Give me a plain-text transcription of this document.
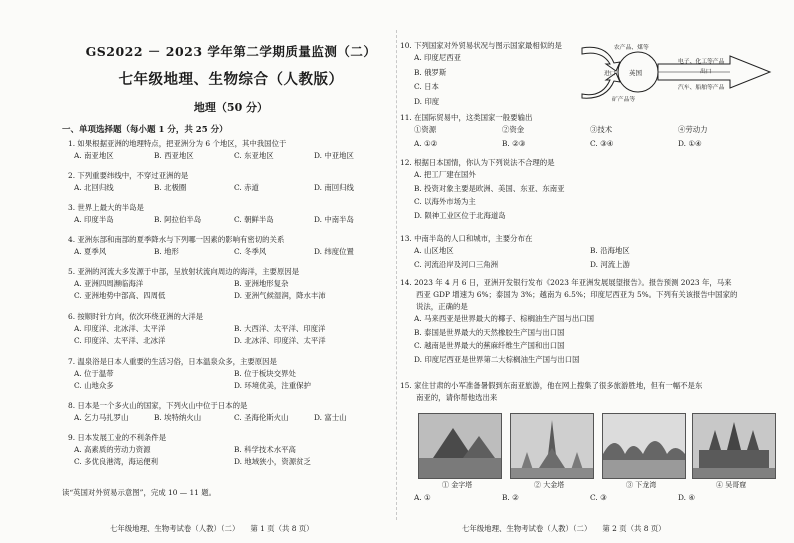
GS2022 － 2023 学年第二学期质量监测（二）
七年级地理、生物综合（人教版）
地理（50 分）
一、单项选择题（每小题 1 分，共 25 分）
1. 如果根据亚洲的地理特点，把亚洲分为 6 个地区，其中我国位于
A. 南亚地区	B. 西亚地区	C. 东亚地区	D. 中亚地区
2. 下列重要纬线中，不穿过亚洲的是
A. 北回归线	B. 北极圈	C. 赤道	D. 南回归线
3. 世界上最大的半岛是
A. 印度半岛	B. 阿拉伯半岛	C. 朝鲜半岛	D. 中南半岛
4. 亚洲东部和南部的夏季降水与下列哪一因素的影响有密切的关系
A. 夏季风	B. 地形	C. 冬季风	D. 纬度位置
5. 亚洲的河流大多发源于中部，呈放射状流向周边的海洋，主要原因是
A. 亚洲四周濒临海洋	B. 亚洲地形复杂
C. 亚洲地势中部高、四周低	D. 亚洲气候湿润，降水丰沛
6. 按顺时针方向，依次环绕亚洲的大洋是
A. 印度洋、北冰洋、太平洋	B. 大西洋、太平洋、印度洋
C. 印度洋、太平洋、北冰洋	D. 北冰洋、印度洋、太平洋
7. 温泉浴是日本人重要的生活习俗，日本温泉众多，主要原因是
A. 位于温带	B. 位于板块交界处
C. 山地众多	D. 环境优美，注重保护
8. 日本是一个多火山的国家，下列火山中位于日本的是
A. 乞力马扎罗山	B. 埃特纳火山	C. 圣海伦斯火山	D. 富士山
9. 日本发展工业的不利条件是
A. 高素质的劳动力资源	B. 科学技术水平高
C. 多优良港湾，海运便利	D. 地域狭小，资源贫乏
读“英国对外贸易示意图”，完成 10 — 11 题。
七年级地理、生物考试卷（人教）（二）　　第 1 页（共 8 页）
农产品、煤等
英国
进口
电子、化工等产品
出口
汽车、船舶等产品
矿产品等
10. 下列国家对外贸易状况与图示国家最相似的是
A. 印度尼西亚
B. 俄罗斯
C. 日本
D. 印度
11. 在国际贸易中，这类国家一般要输出
①资源	②资金	③技术	④劳动力
A. ①②	B. ②③	C. ③④	D. ①④
12. 根据日本国情，你认为下列说法不合理的是
A. 把工厂建在国外
B. 投资对象主要是欧洲、美国、东亚、东南亚
C. 以海外市场为主
D. 陨神工业区位于北海道岛
13. 中南半岛的人口和城市，主要分布在
A. 山区地区	B. 沿海地区
C. 河流沿岸及河口三角洲	D. 河流上游
14. 2023 年 4 月 6 日，亚洲开发银行发布《2023 年亚洲发展展望报告》。报告预测 2023 年，马来
西亚 GDP 增速为 6%；泰国为 3%；越南为 6.5%；印度尼西亚为 5%。下列有关该报告中国家的
说法，正确的是
A. 马来西亚是世界最大的椰子、棕榈油生产国与出口国
B. 泰国是世界最大的天然橡胶生产国与出口国
C. 越南是世界最大的蕉麻纤维生产国和出口国
D. 印度尼西亚是世界第二大棕榈油生产国与出口国
15. 家住甘肃的小军准备暑假到东南亚旅游，他在网上搜集了很多旅游胜地，但有一幅不是东
南亚的，请你帮他选出来
A. ①	B. ②	C. ③	D. ④
① 金字塔	② 大金塔	③ 下龙湾	④ 吴哥窟
七年级地理、生物考试卷（人教）（二）　　第 2 页（共 8 页）
